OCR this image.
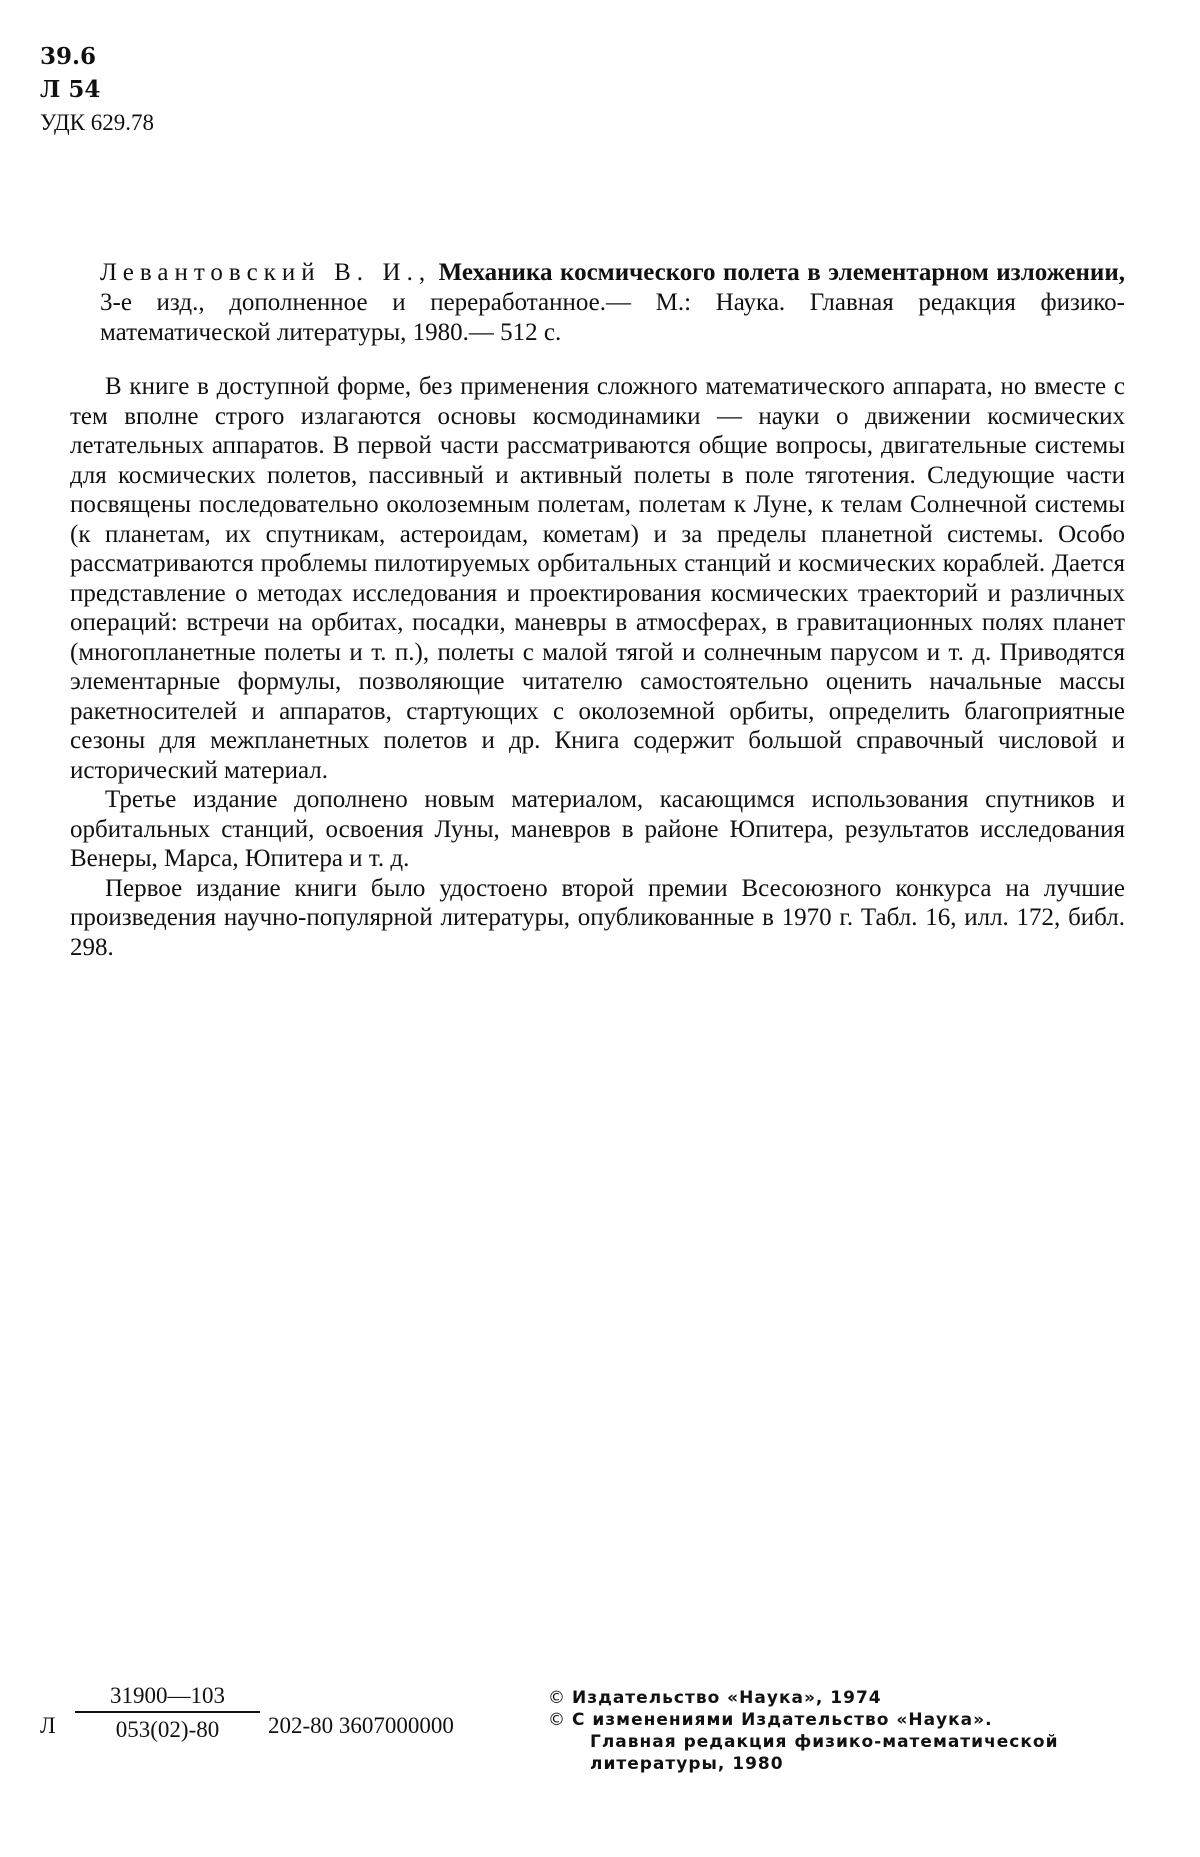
39.6
Л 54
УДК 629.78
Левантовский В. И., Механика космического полета в элементарном изложении, 3-е изд., дополненное и переработанное.— М.: Наука. Главная редакция физико-математической литературы, 1980.— 512 с.

В книге в доступной форме, без применения сложного математического аппарата, но вместе с тем вполне строго излагаются основы космодинамики — науки о движении космических летательных аппаратов. В первой части рассматриваются общие вопросы, двигательные системы для космических полетов, пассивный и активный полеты в поле тяготения. Следующие части посвящены последовательно околоземным полетам, полетам к Луне, к телам Солнечной системы (к планетам, их спутникам, астероидам, кометам) и за пределы планетной системы. Особо рассматриваются проблемы пилотируемых орбитальных станций и космических кораблей. Дается представление о методах исследования и проектирования космических траекторий и различных операций: встречи на орбитах, посадки, маневры в атмосферах, в гравитационных полях планет (многопланетные полеты и т. п.), полеты с малой тягой и солнечным парусом и т. д. Приводятся элементарные формулы, позволяющие читателю самостоятельно оценить начальные массы ракетносителей и аппаратов, стартующих с околоземной орбиты, определить благоприятные сезоны для межпланетных полетов и др. Книга содержит большой справочный числовой и исторический материал.

Третье издание дополнено новым материалом, касающимся использования спутников и орбитальных станций, освоения Луны, маневров в районе Юпитера, результатов исследования Венеры, Марса, Юпитера и т. д.

Первое издание книги было удостоено второй премии Всесоюзного конкурса на лучшие произведения научно-популярной литературы, опубликованные в 1970 г. Табл. 16, илл. 172, библ. 298.

Л $\frac{31900—103}{053(02)-80} 202-80$ 3607000000
© Издательство «Наука», 1974
© С изменениями Издательство «Наука».
Главная редакция физико-математической
литературы, 1980
